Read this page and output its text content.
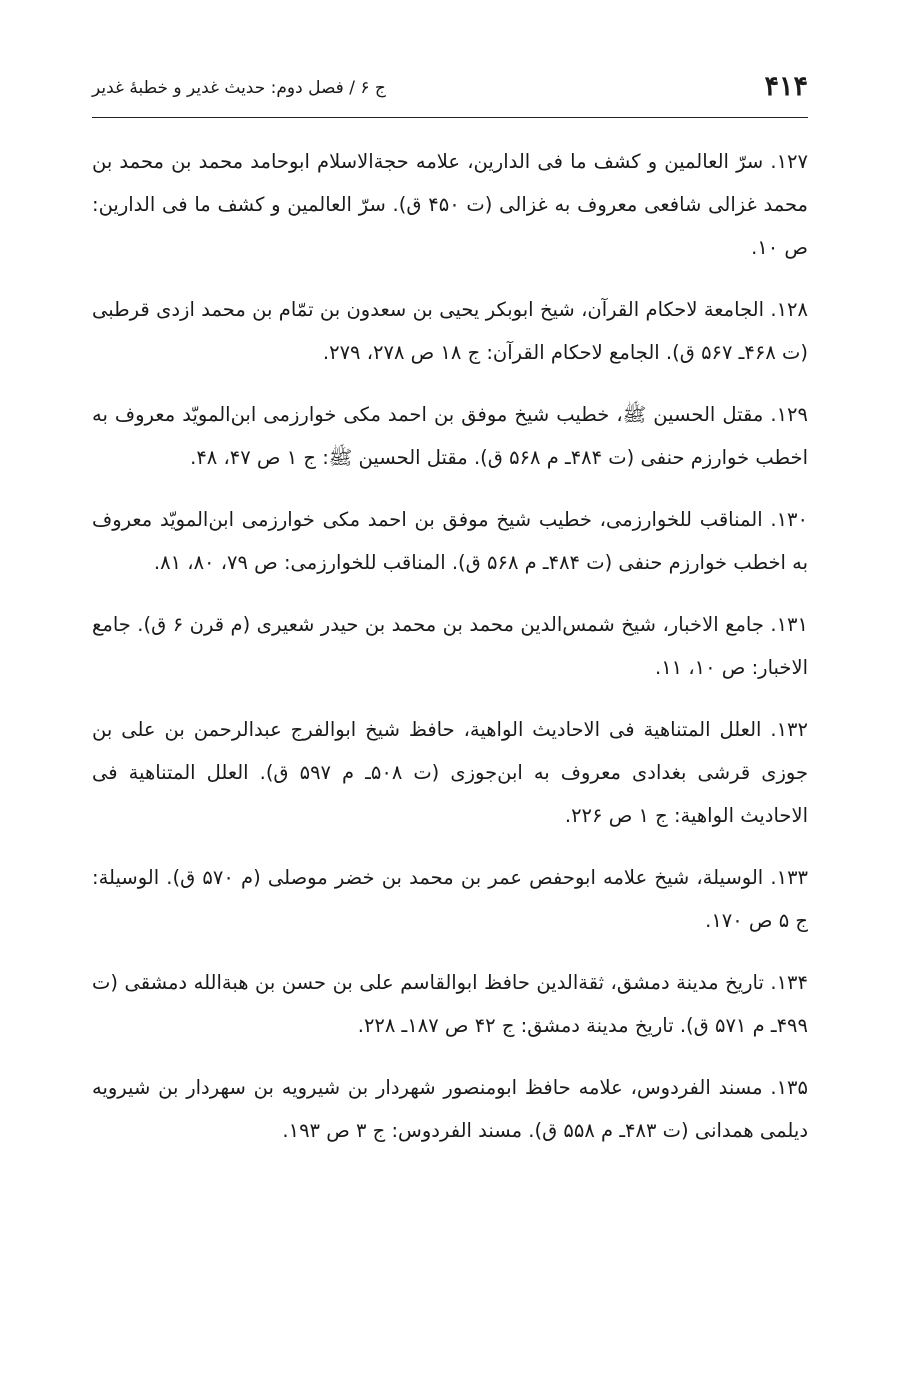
۴۱۴
ج ۶ / فصل دوم: حدیث غدیر و خطبهٔ غدیر

۱۲۷. سرّ العالمین و کشف ما فی الدارین، علامه حجةالاسلام ابوحامد محمد بن محمد بن محمد غزالی شافعی معروف به غزالی (ت ۴۵۰ ق). سرّ العالمین و کشف ما فی الدارین: ص ۱۰.

۱۲۸. الجامعة لاحکام القرآن، شیخ ابوبکر یحیی بن سعدون بن تمّام بن محمد ازدی قرطبی (ت ۴۶۸ـ ۵۶۷ ق). الجامع لاحکام القرآن: ج ۱۸ ص ۲۷۸، ۲۷۹.

۱۲۹. مقتل الحسین ﷺ، خطیب شیخ موفق بن احمد مکی خوارزمی ابن‌المویّد معروف به اخطب خوارزم حنفی (ت ۴۸۴ـ م ۵۶۸ ق). مقتل الحسین ﷺ: ج ۱ ص ۴۷، ۴۸.

۱۳۰. المناقب للخوارزمی، خطیب شیخ موفق بن احمد مکی خوارزمی ابن‌المویّد معروف به اخطب خوارزم حنفی (ت ۴۸۴ـ م ۵۶۸ ق). المناقب للخوارزمی: ص ۷۹، ۸۰، ۸۱.

۱۳۱. جامع الاخبار، شیخ شمس‌الدین محمد بن محمد بن حیدر شعیری (م قرن ۶ ق). جامع الاخبار: ص ۱۰، ۱۱.

۱۳۲. العلل المتناهیة فی الاحادیث الواهیة، حافظ شیخ ابوالفرج عبدالرحمن بن علی بن جوزی قرشی بغدادی معروف به ابن‌جوزی (ت ۵۰۸ـ م ۵۹۷ ق). العلل المتناهیة فی الاحادیث الواهیة: ج ۱ ص ۲۲۶.

۱۳۳. الوسیلة، شیخ علامه ابوحفص عمر بن محمد بن خضر موصلی (م ۵۷۰ ق). الوسیلة: ج ۵ ص ۱۷۰.

۱۳۴. تاریخ مدینة دمشق، ثقةالدین حافظ ابوالقاسم علی بن حسن بن هبةالله دمشقی (ت ۴۹۹ـ م ۵۷۱ ق). تاریخ مدینة دمشق: ج ۴۲ ص ۱۸۷ـ ۲۲۸.

۱۳۵. مسند الفردوس، علامه حافظ ابومنصور شهردار بن شیرویه بن سهردار بن شیرویه دیلمی همدانی (ت ۴۸۳ـ م ۵۵۸ ق). مسند الفردوس: ج ۳ ص ۱۹۳.
